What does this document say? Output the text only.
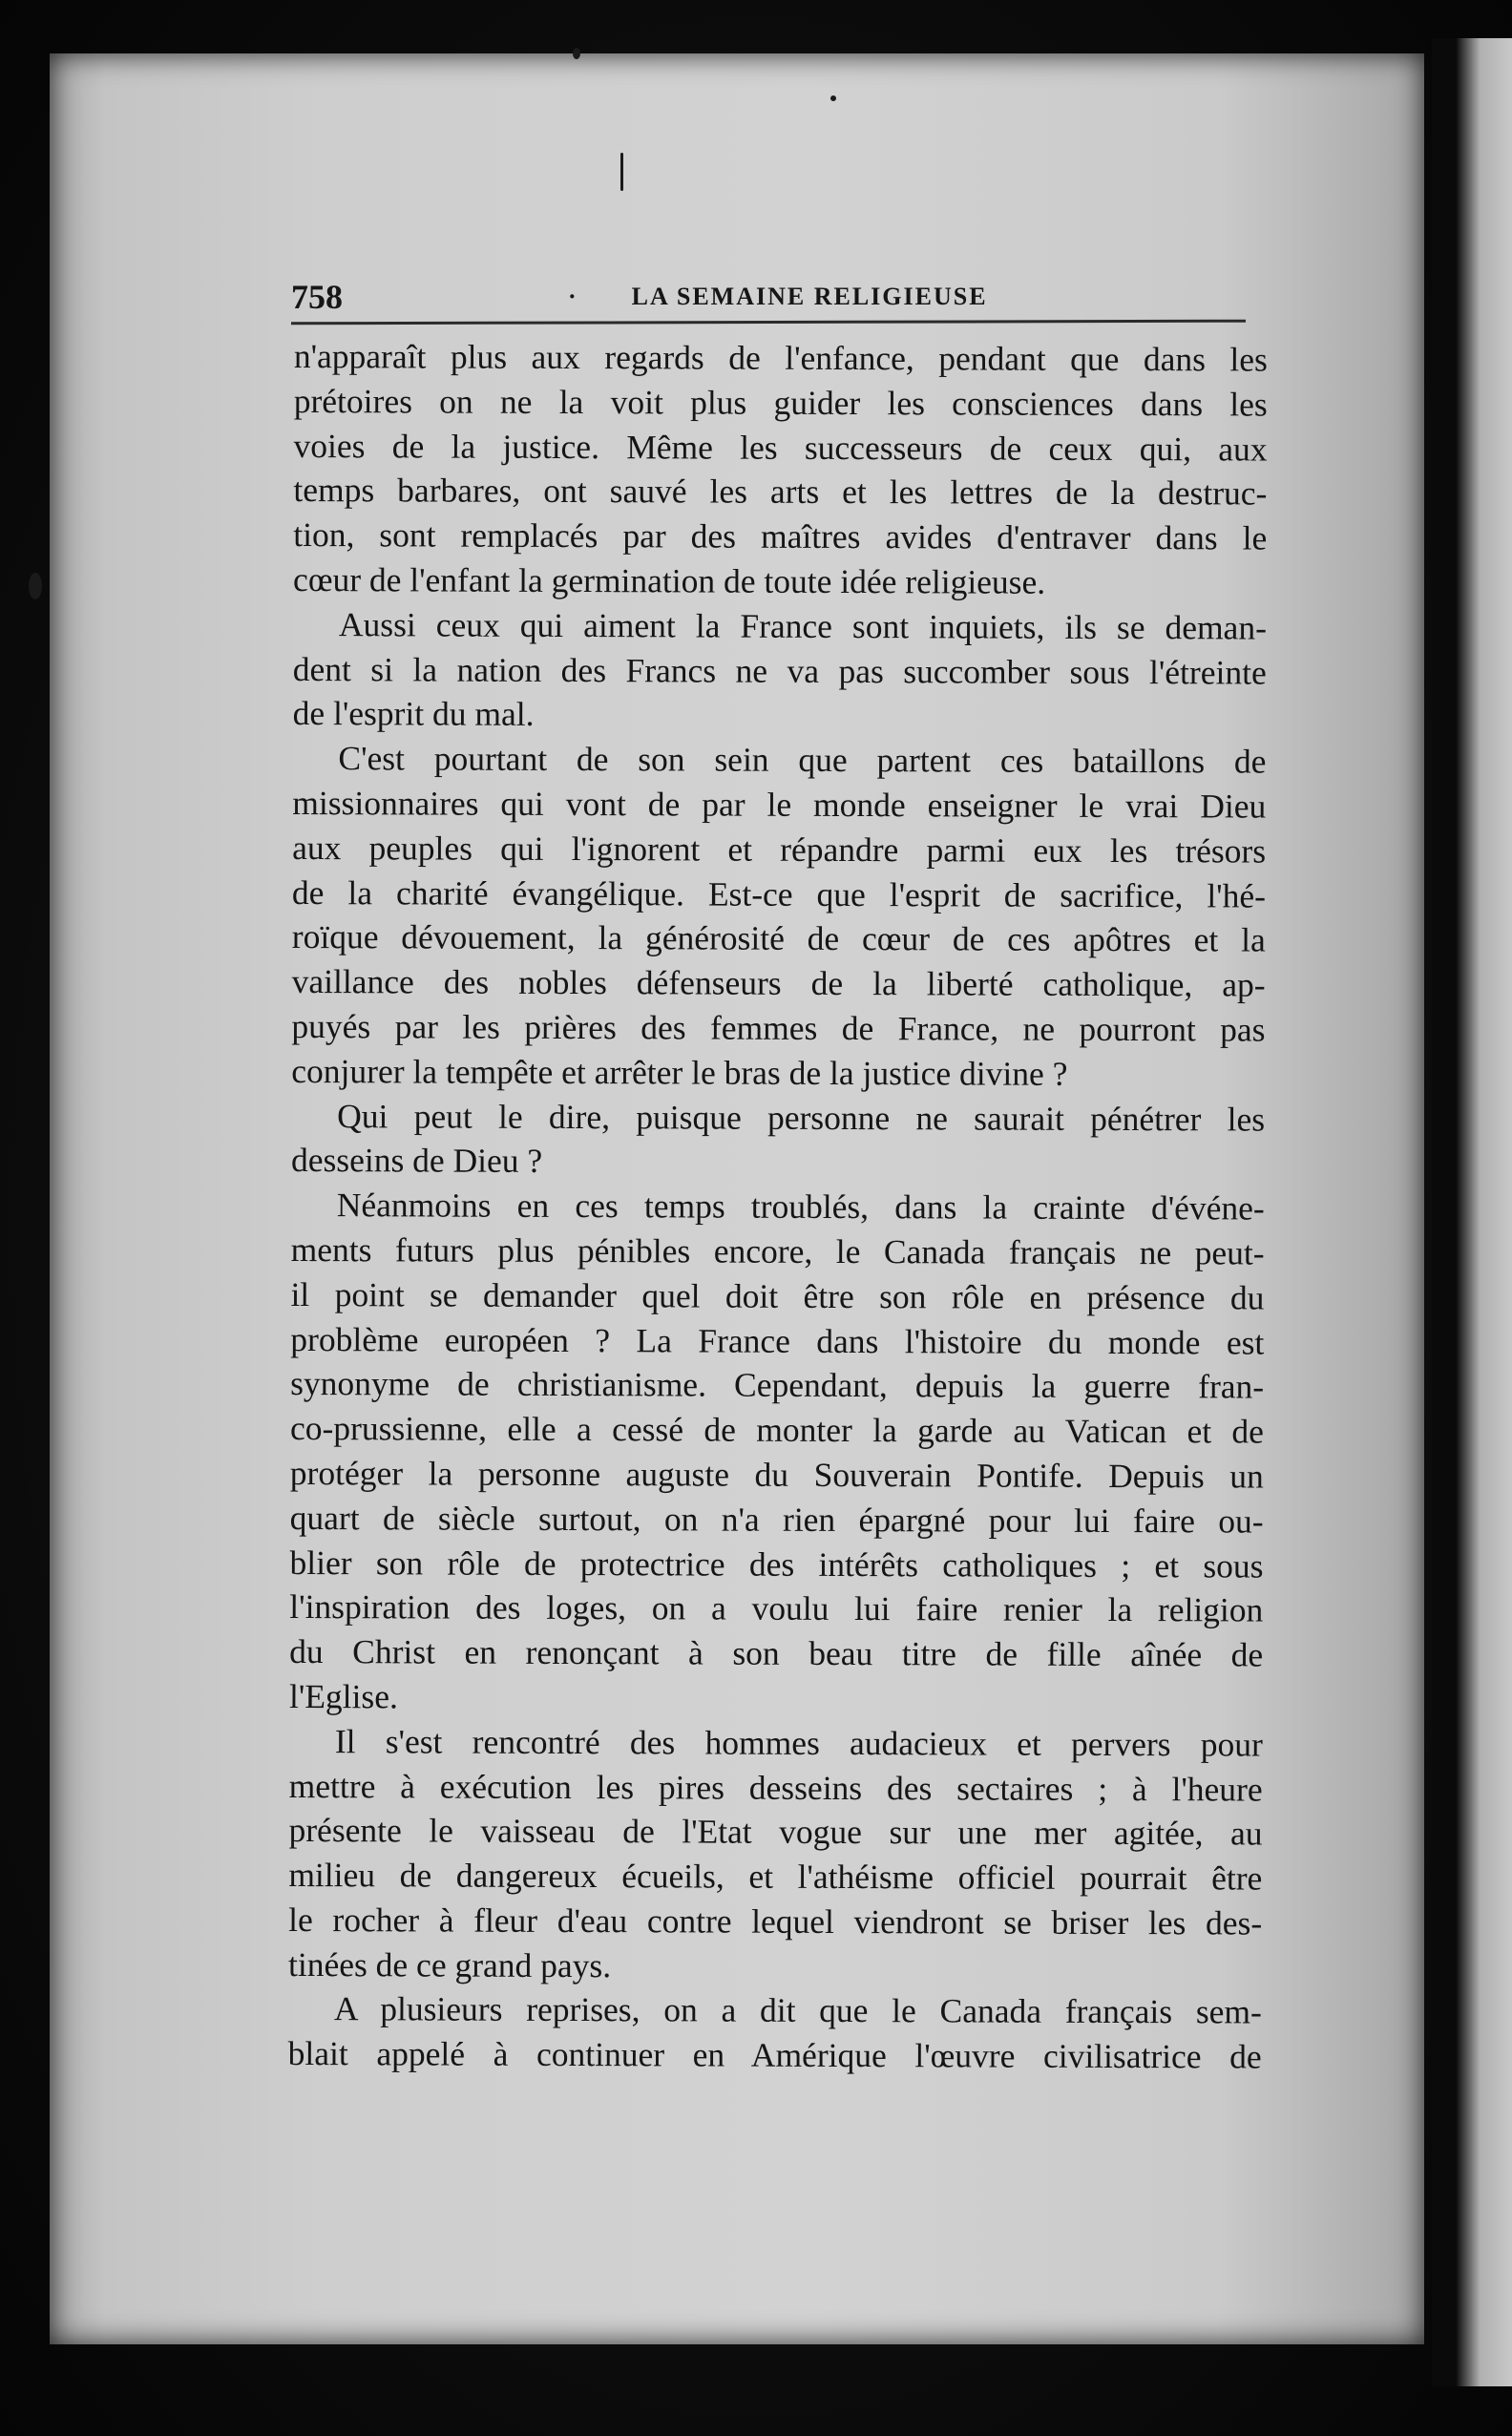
758	· LA SEMAINE RELIGIEUSE
n'apparaît plus aux regards de l'enfance, pendant que dans les
prétoires on ne la voit plus guider les consciences dans les
voies de la justice. Même les successeurs de ceux qui, aux
temps barbares, ont sauvé les arts et les lettres de la destruc-
tion, sont remplacés par des maîtres avides d'entraver dans le
cœur de l'enfant la germination de toute idée religieuse.
Aussi ceux qui aiment la France sont inquiets, ils se deman-
dent si la nation des Francs ne va pas succomber sous l'étreinte
de l'esprit du mal.
C'est pourtant de son sein que partent ces bataillons de
missionnaires qui vont de par le monde enseigner le vrai Dieu
aux peuples qui l'ignorent et répandre parmi eux les trésors
de la charité évangélique. Est-ce que l'esprit de sacrifice, l'hé-
roïque dévouement, la générosité de cœur de ces apôtres et la
vaillance des nobles défenseurs de la liberté catholique, ap-
puyés par les prières des femmes de France, ne pourront pas
conjurer la tempête et arrêter le bras de la justice divine ?
Qui peut le dire, puisque personne ne saurait pénétrer les
desseins de Dieu ?
Néanmoins en ces temps troublés, dans la crainte d'événe-
ments futurs plus pénibles encore, le Canada français ne peut-
il point se demander quel doit être son rôle en présence du
problème européen ? La France dans l'histoire du monde est
synonyme de christianisme. Cependant, depuis la guerre fran-
co-prussienne, elle a cessé de monter la garde au Vatican et de
protéger la personne auguste du Souverain Pontife. Depuis un
quart de siècle surtout, on n'a rien épargné pour lui faire ou-
blier son rôle de protectrice des intérêts catholiques ; et sous
l'inspiration des loges, on a voulu lui faire renier la religion
du Christ en renonçant à son beau titre de fille aînée de
l'Eglise.
Il s'est rencontré des hommes audacieux et pervers pour
mettre à exécution les pires desseins des sectaires ; à l'heure
présente le vaisseau de l'Etat vogue sur une mer agitée, au
milieu de dangereux écueils, et l'athéisme officiel pourrait être
le rocher à fleur d'eau contre lequel viendront se briser les des-
tinées de ce grand pays.
A plusieurs reprises, on a dit que le Canada français sem-
blait appelé à continuer en Amérique l'œuvre civilisatrice de
